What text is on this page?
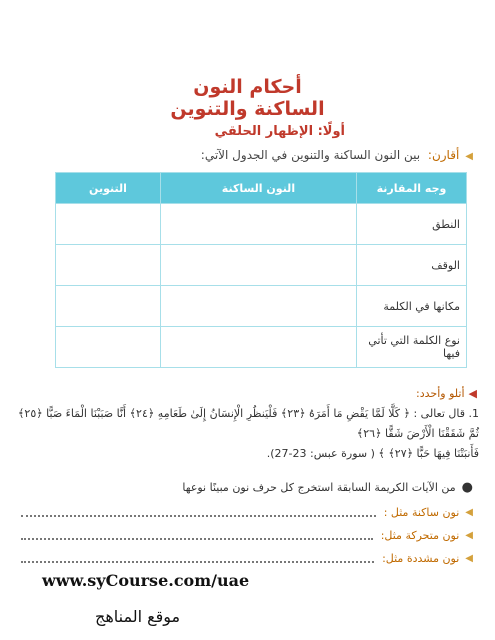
أحكام النون
الساكنة والتنوين
أولًا: الإظهار الحلقي
◀أقارن: بين النون الساكنة والتنوين في الجدول الآتي:
وجه المقارنة	النون الساكنة	التنوين
النطق		
الوقف		
مكانها في الكلمة		
نوع الكلمة التي تأتي فيها		
◀أتلو وأحدد:
1. قال تعالى : ﴿ كَلَّا لَمَّا يَقْضِ مَا أَمَرَهُ ﴿٢٣﴾ فَلْيَنظُرِ الْإِنسَانُ إِلَىٰ طَعَامِهِ ﴿٢٤﴾ أَنَّا صَبَبْنَا الْمَاءَ صَبًّا ﴿٢٥﴾ ثُمَّ شَقَقْنَا الْأَرْضَ شَقًّا ﴿٢٦﴾
فَأَنبَتْنَا فِيهَا حَبًّا ﴿٢٧﴾ ﴾ ( سورة عبس: 23-27).
●من الآيات الكريمة السابقة استخرج كل حرف نون مبينًا نوعها
◀
نون ساكنة مثل :
◀
نون متحركة مثل:
◀
نون مشددة مثل:
www.syCourse.com/uae
موقع المناهج
